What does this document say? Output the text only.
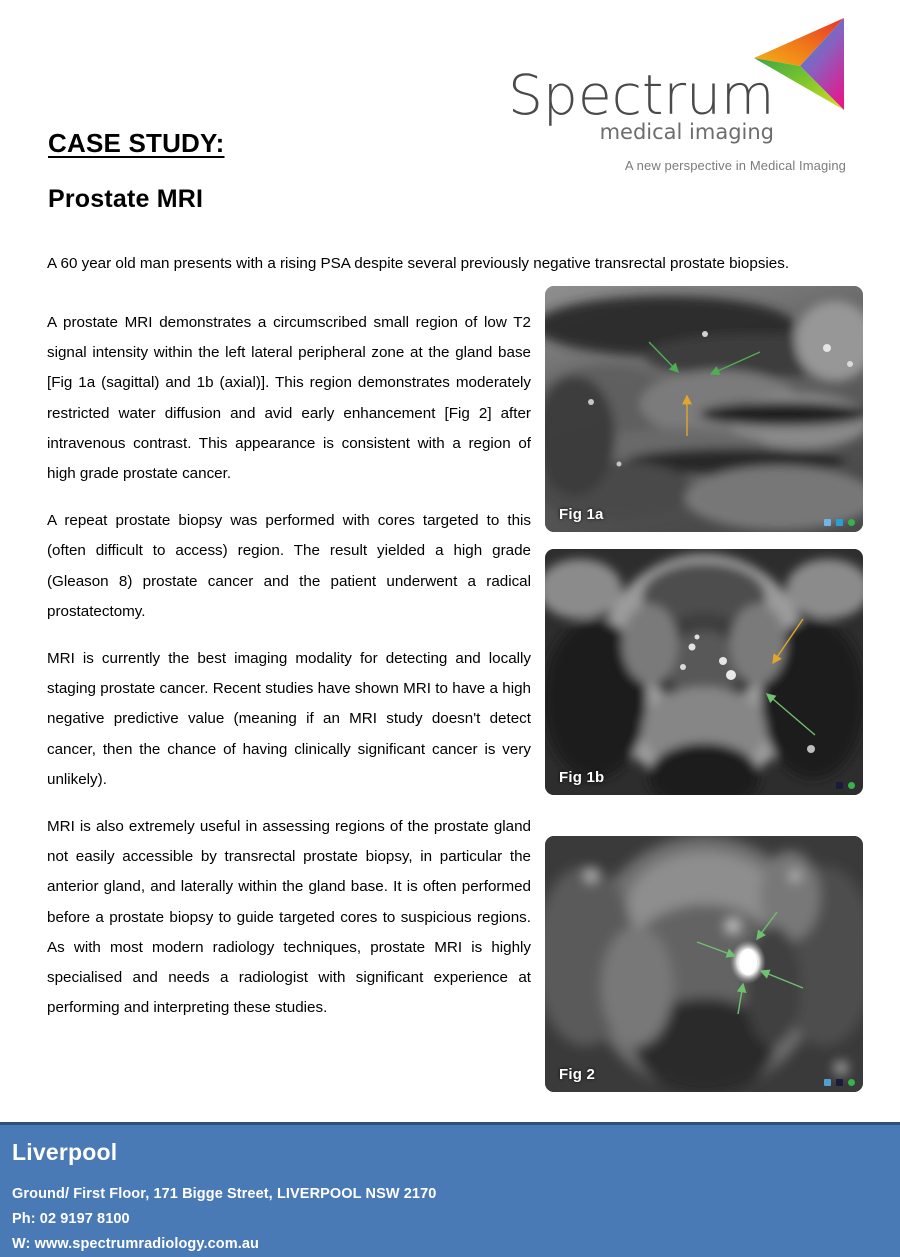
Spectrum
medical imaging
A new perspective in Medical Imaging
CASE STUDY:
Prostate MRI
A 60 year old man presents with a rising PSA despite several previously negative transrectal prostate biopsies.

A prostate MRI demonstrates a circumscribed small region of low T2 signal intensity within the left lateral peripheral zone at the gland base [Fig 1a (sagittal) and 1b (axial)]. This region demonstrates moderately restricted water diffusion and avid early enhancement [Fig 2] after intravenous contrast. This appearance is consistent with a region of high grade prostate cancer.

A repeat prostate biopsy was performed with cores targeted to this (often difficult to access) region. The result yielded a high grade (Gleason 8) prostate cancer and the patient underwent a radical prostatectomy.

MRI is currently the best imaging modality for detecting and locally staging prostate cancer. Recent studies have shown MRI to have a high negative predictive value (meaning if an MRI study doesn't detect cancer, then the chance of having clinically significant cancer is very unlikely).

MRI is also extremely useful in assessing regions of the prostate gland not easily accessible by transrectal prostate biopsy, in particular the anterior gland, and laterally within the gland base. It is often performed before a prostate biopsy to guide targeted cores to suspicious regions. As with most modern radiology techniques, prostate MRI is highly specialised and needs a radiologist with significant experience at performing and interpreting these studies.

Fig 1a
Fig 1b
Fig 2
Liverpool
Ground/ First Floor, 171 Bigge Street, LIVERPOOL NSW 2170
Ph: 02 9197 8100
W: www.spectrumradiology.com.au
